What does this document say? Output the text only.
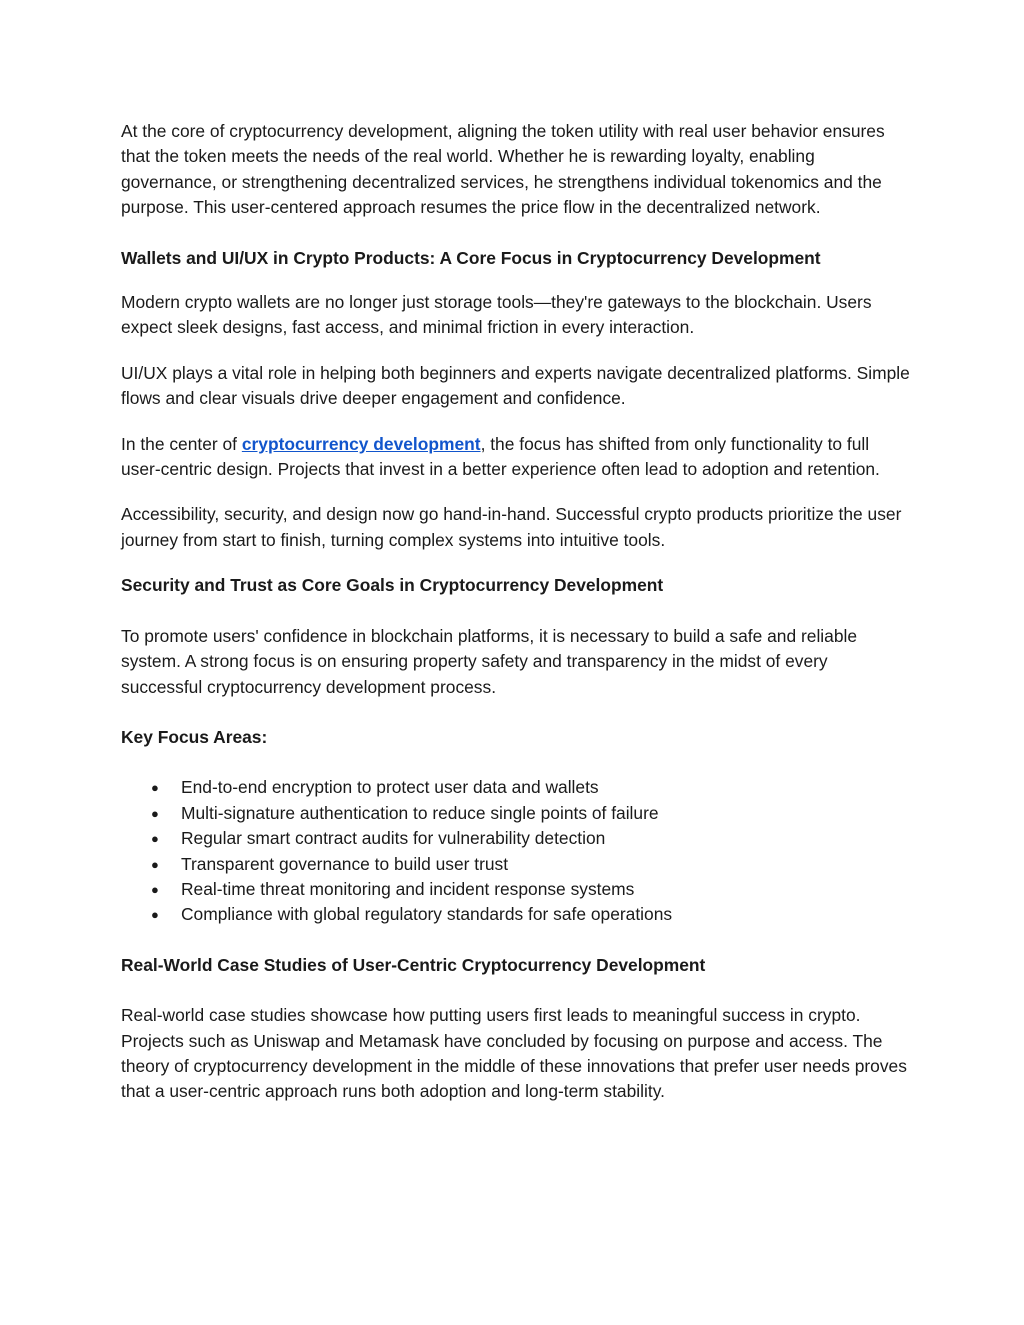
At the core of cryptocurrency development, aligning the token utility with real user behavior ensures that the token meets the needs of the real world. Whether he is rewarding loyalty, enabling governance, or strengthening decentralized services, he strengthens individual tokenomics and the purpose. This user-centered approach resumes the price flow in the decentralized network.

Wallets and UI/UX in Crypto Products: A Core Focus in Cryptocurrency Development

Modern crypto wallets are no longer just storage tools—they're gateways to the blockchain. Users expect sleek designs, fast access, and minimal friction in every interaction.

UI/UX plays a vital role in helping both beginners and experts navigate decentralized platforms. Simple flows and clear visuals drive deeper engagement and confidence.

In the center of cryptocurrency development, the focus has shifted from only functionality to full user-centric design. Projects that invest in a better experience often lead to adoption and retention.

Accessibility, security, and design now go hand-in-hand. Successful crypto products prioritize the user journey from start to finish, turning complex systems into intuitive tools.

Security and Trust as Core Goals in Cryptocurrency Development

To promote users' confidence in blockchain platforms, it is necessary to build a safe and reliable system. A strong focus is on ensuring property safety and transparency in the midst of every successful cryptocurrency development process.

Key Focus Areas:

● End-to-end encryption to protect user data and wallets
● Multi-signature authentication to reduce single points of failure
● Regular smart contract audits for vulnerability detection
● Transparent governance to build user trust
● Real-time threat monitoring and incident response systems
● Compliance with global regulatory standards for safe operations

Real-World Case Studies of User-Centric Cryptocurrency Development

Real-world case studies showcase how putting users first leads to meaningful success in crypto. Projects such as Uniswap and Metamask have concluded by focusing on purpose and access. The theory of cryptocurrency development in the middle of these innovations that prefer user needs proves that a user-centric approach runs both adoption and long-term stability.
